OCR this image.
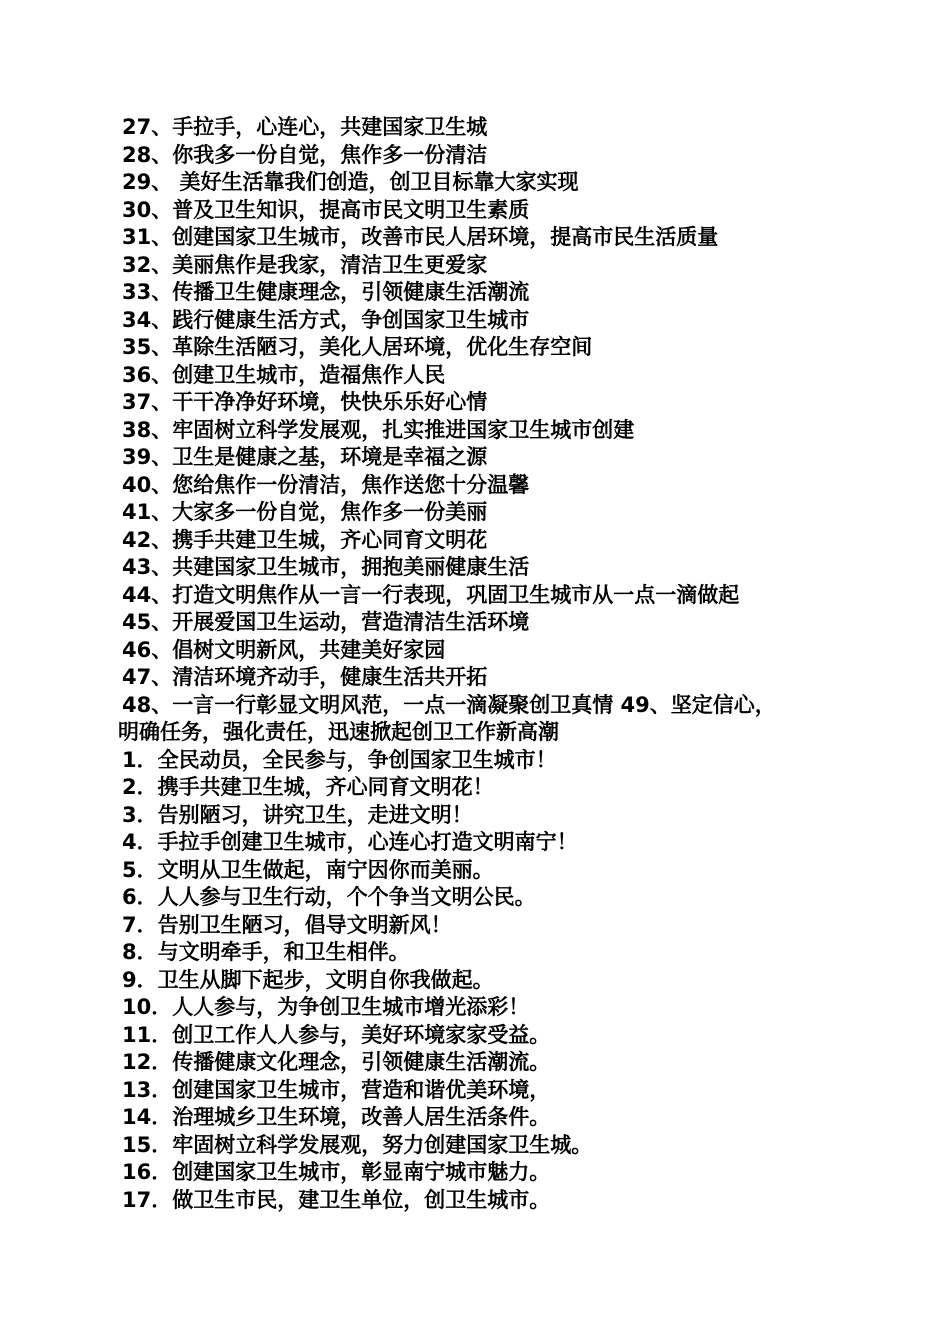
27、手拉手，心连心，共建国家卫生城
28、你我多一份自觉，焦作多一份清洁
29、 美好生活靠我们创造，创卫目标靠大家实现
30、普及卫生知识，提高市民文明卫生素质
31、创建国家卫生城市，改善市民人居环境，提高市民生活质量
32、美丽焦作是我家，清洁卫生更爱家
33、传播卫生健康理念，引领健康生活潮流
34、践行健康生活方式，争创国家卫生城市
35、革除生活陋习，美化人居环境，优化生存空间
36、创建卫生城市，造福焦作人民
37、干干净净好环境，快快乐乐好心情
38、牢固树立科学发展观，扎实推进国家卫生城市创建
39、卫生是健康之基，环境是幸福之源
40、您给焦作一份清洁，焦作送您十分温馨
41、大家多一份自觉，焦作多一份美丽
42、携手共建卫生城，齐心同育文明花
43、共建国家卫生城市，拥抱美丽健康生活
44、打造文明焦作从一言一行表现，巩固卫生城市从一点一滴做起
45、开展爱国卫生运动，营造清洁生活环境
46、倡树文明新风，共建美好家园
47、清洁环境齐动手，健康生活共开拓
48、一言一行彰显文明风范，一点一滴凝聚创卫真情 49、坚定信心，
明确任务，强化责任，迅速掀起创卫工作新高潮
1．全民动员，全民参与，争创国家卫生城市！
2．携手共建卫生城，齐心同育文明花！
3．告别陋习，讲究卫生，走进文明！
4．手拉手创建卫生城市，心连心打造文明南宁！
5．文明从卫生做起，南宁因你而美丽。
6．人人参与卫生行动，个个争当文明公民。
7．告别卫生陋习，倡导文明新风！
8．与文明牵手，和卫生相伴。
9．卫生从脚下起步，文明自你我做起。
10．人人参与，为争创卫生城市增光添彩！
11．创卫工作人人参与，美好环境家家受益。
12．传播健康文化理念，引领健康生活潮流。
13．创建国家卫生城市，营造和谐优美环境，
14．治理城乡卫生环境，改善人居生活条件。
15．牢固树立科学发展观，努力创建国家卫生城。
16．创建国家卫生城市，彰显南宁城市魅力。
17．做卫生市民，建卫生单位，创卫生城市。
